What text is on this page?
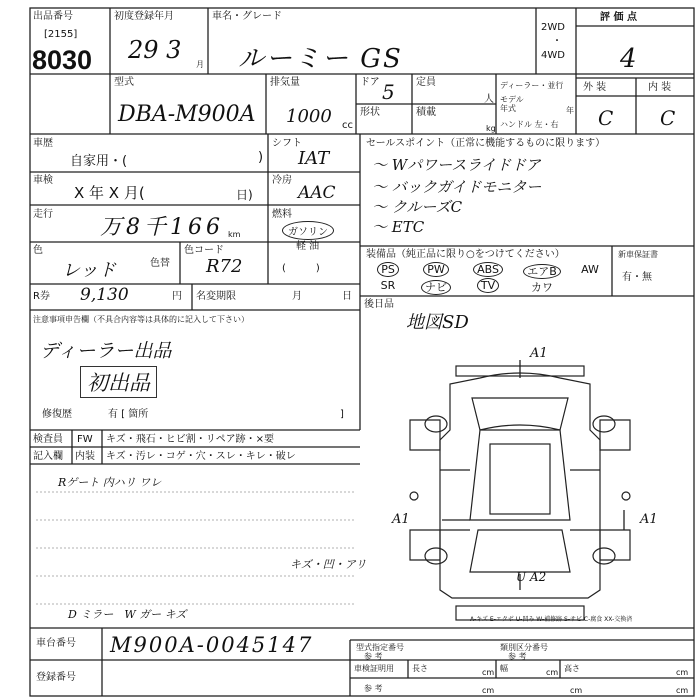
出品番号
[2155]
8030
初度登録年月
29 3
月
車名・グレード
ルーミー GS
2WD
・
4WD
評 価 点
4
外 装	内 装
C C
型式
DBA-M900A
排気量
1000 cc
ドア 5
形状
定員
人
積載
kg
ディーラー・並行
モデル年式	年
ハンドル 左・右
車歴
自家用・(	)
シフト
IAT
車検
X 年 X 月(	日)
冷房
AAC
走行
万8千166 km
燃料
ガソリン
軽 油
(　　　)
色
レッド	色替
色コード
R72
R券 9,130	円 名変期限	月	日
セールスポイント（正常に機能するものに限ります）
～ Wパワースライドドア
～ バックガイドモニター
～ クルーズC
～ ETC
装備品（純正品に限り○をつけてください）
PS	PW	ABS	エアB	AW
SR	ナビ	TV	カワ
新車保証書
有・無
後日品
地図SD
注意事項申告欄（不具合内容等は具体的に記入して下さい）
ディーラー出品
初出品
修復歴	有 [ 箇所	]
検査員 FW キズ・飛石・ヒビ割・リペア跡・×要
記入欄 内装 キズ・汚レ・コゲ・穴・スレ・キレ・破レ
Rゲート 内ハリ ワレ
キズ・凹・アリ
D ミラー　W ガー キズ
A1
A1	A1
U A2
A-キズ E-エクボ U-凹み W-補修跡 S-サビ C-腐食 XX-交換済
車台番号 M900A-0045147
登録番号
型式指定番号
参 考
類別区分番号
参 考
車検証明用 長さ	cm 幅	cm 高さ	cm
参 考	cm	cm	cm
